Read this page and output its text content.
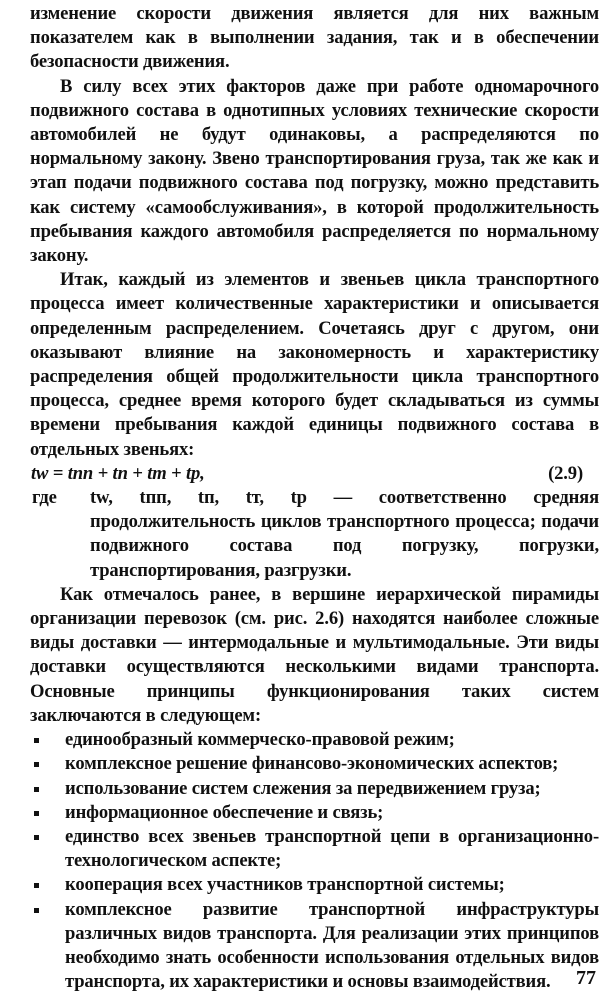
изменение скорости движения является для них важным показателем как в выполнении задания, так и в обеспечении безопасности движения.

В силу всех этих факторов даже при работе одномарочного подвижного состава в однотипных условиях технические скорости автомобилей не будут одинаковы, а распределяются по нормальному закону. Звено транспортирования груза, так же как и этап подачи подвижного состава под погрузку, можно представить как систему «самообслуживания», в которой продолжительность пребывания каждого автомобиля распределяется по нормальному закону.

Итак, каждый из элементов и звеньев цикла транспортного процесса имеет количественные характеристики и описывается определенным распределением. Сочетаясь друг с другом, они оказывают влияние на закономерность и характеристику распределения общей продолжительности цикла транспортного процесса, среднее время которого будет складываться из суммы времени пребывания каждой единицы подвижного состава в отдельных звеньях:

tw = tпп + tп + tт + tр,	(2.9)
где	tw, tпп, tп, tт, tр — соответственно средняя продолжительность циклов транспортного процесса; подачи подвижного состава под погрузку, погрузки, транспортирования, разгрузки.

Как отмечалось ранее, в вершине иерархической пирамиды организации перевозок (см. рис. 2.6) находятся наиболее сложные виды доставки — интермодальные и мультимодальные. Эти виды доставки осуществляются несколькими видами транспорта. Основные принципы функционирования таких систем заключаются в следующем:

единообразный коммерческо-правовой режим;
комплексное решение финансово-экономических аспектов;
использование систем слежения за передвижением груза;
информационное обеспечение и связь;
единство всех звеньев транспортной цепи в организационно-технологическом аспекте;
кооперация всех участников транспортной системы;
комплексное развитие транспортной инфраструктуры различных видов транспорта. Для реализации этих принципов необходимо знать особенности использования отдельных видов транспорта, их характеристики и основы взаимодействия.	77
